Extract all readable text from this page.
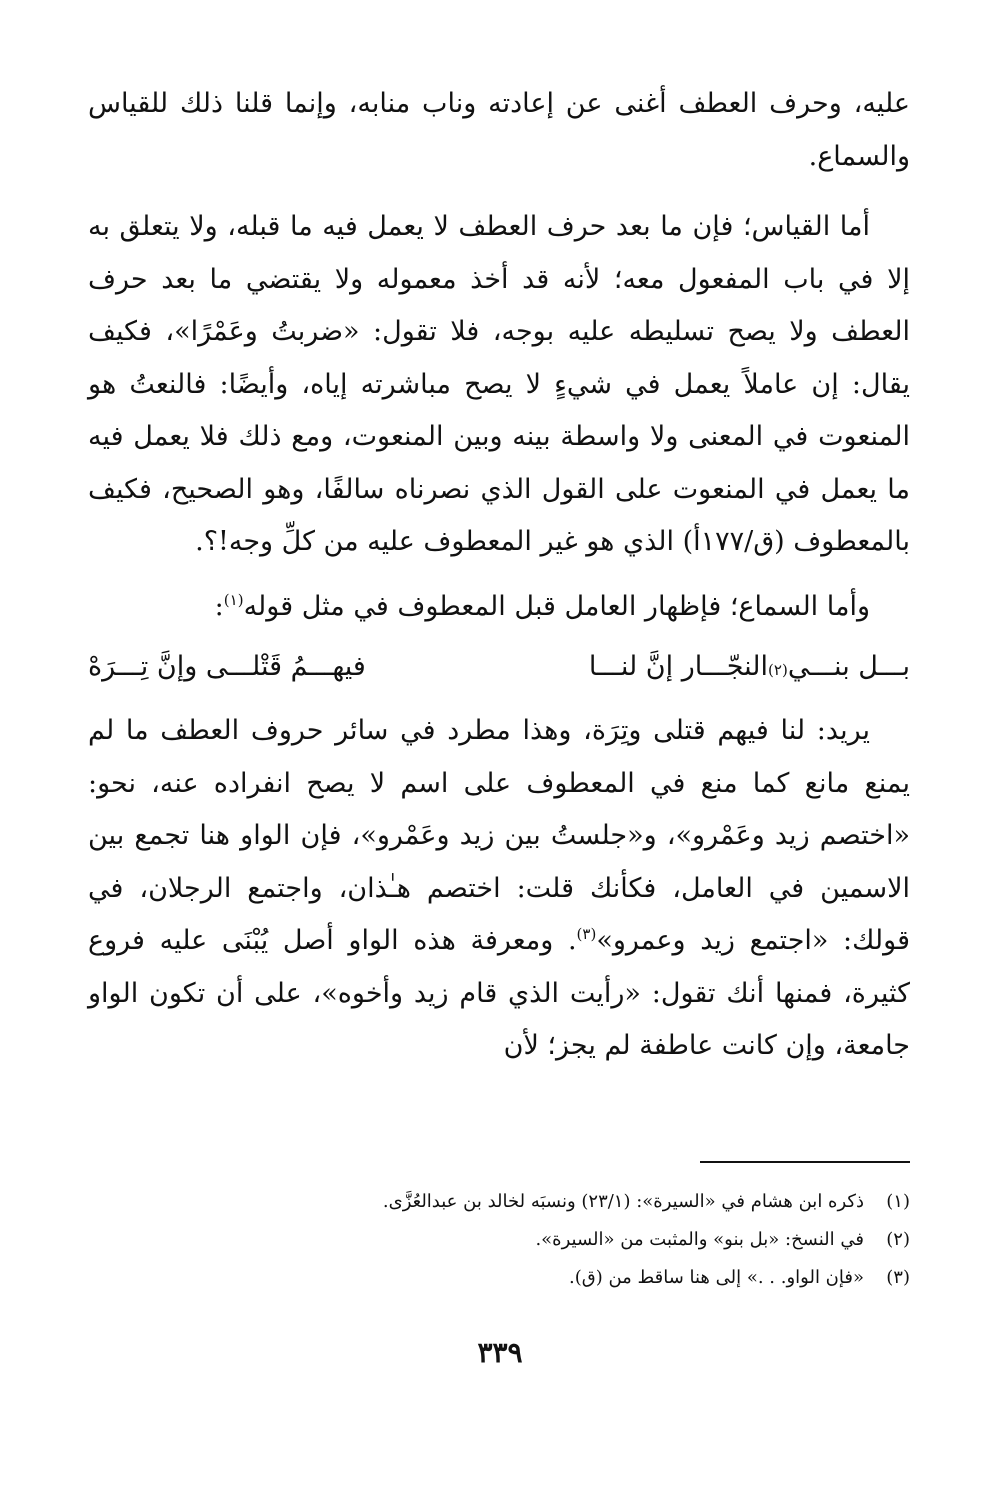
عليه، وحرف العطف أغنى عن إعادته وناب منابه، وإنما قلنا ذلك للقياس والسماع.

أما القياس؛ فإن ما بعد حرف العطف لا يعمل فيه ما قبله، ولا يتعلق به إلا في باب المفعول معه؛ لأنه قد أخذ معموله ولا يقتضي ما بعد حرف العطف ولا يصح تسليطه عليه بوجه، فلا تقول: «ضربتُ وعَمْرًا»، فكيف يقال: إن عاملاً يعمل في شيءٍ لا يصح مباشرته إياه، وأيضًا: فالنعتُ هو المنعوت في المعنى ولا واسطة بينه وبين المنعوت، ومع ذلك فلا يعمل فيه ما يعمل في المنعوت على القول الذي نصرناه سالفًا، وهو الصحيح، فكيف بالمعطوف (ق/١٧٧أ) الذي هو غير المعطوف عليه من كلِّ وجه!؟.

وأما السماع؛ فإظهار العامل قبل المعطوف في مثل قوله$^{(١)}$:

بـــل بنـــي
(٢)
النجّـــار إنَّ لنـــا
فيهـــمُ قَتْلـــى وإنَّ تِـــرَهْ

يريد: لنا فيهم قتلى وتِرَة، وهذا مطرد في سائر حروف العطف ما لم يمنع مانع كما منع في المعطوف على اسم لا يصح انفراده عنه، نحو: «اختصم زيد وعَمْرو»، و«جلستُ بين زيد وعَمْرو»، فإن الواو هنا تجمع بين الاسمين في العامل، فكأنك قلت: اختصم هـٰذان، واجتمع الرجلان، في قولك: «اجتمع زيد وعمرو»$^{(٣)}$. ومعرفة هذه الواو أصل يُبْنَى عليه فروع كثيرة، فمنها أنك تقول: «رأيت الذي قام زيد وأخوه»، على أن تكون الواو جامعة، وإن كانت عاطفة لم يجز؛ لأن

(١)
ذكره ابن هشام في «السيرة»: (٢٣/١) ونسبَه لخالد بن عبدالعُزَّى.
(٢)
في النسخ: «بل بنو» والمثبت من «السيرة».
(٣)
«فإن الواو. . .» إلى هنا ساقط من (ق).
٣٣٩
